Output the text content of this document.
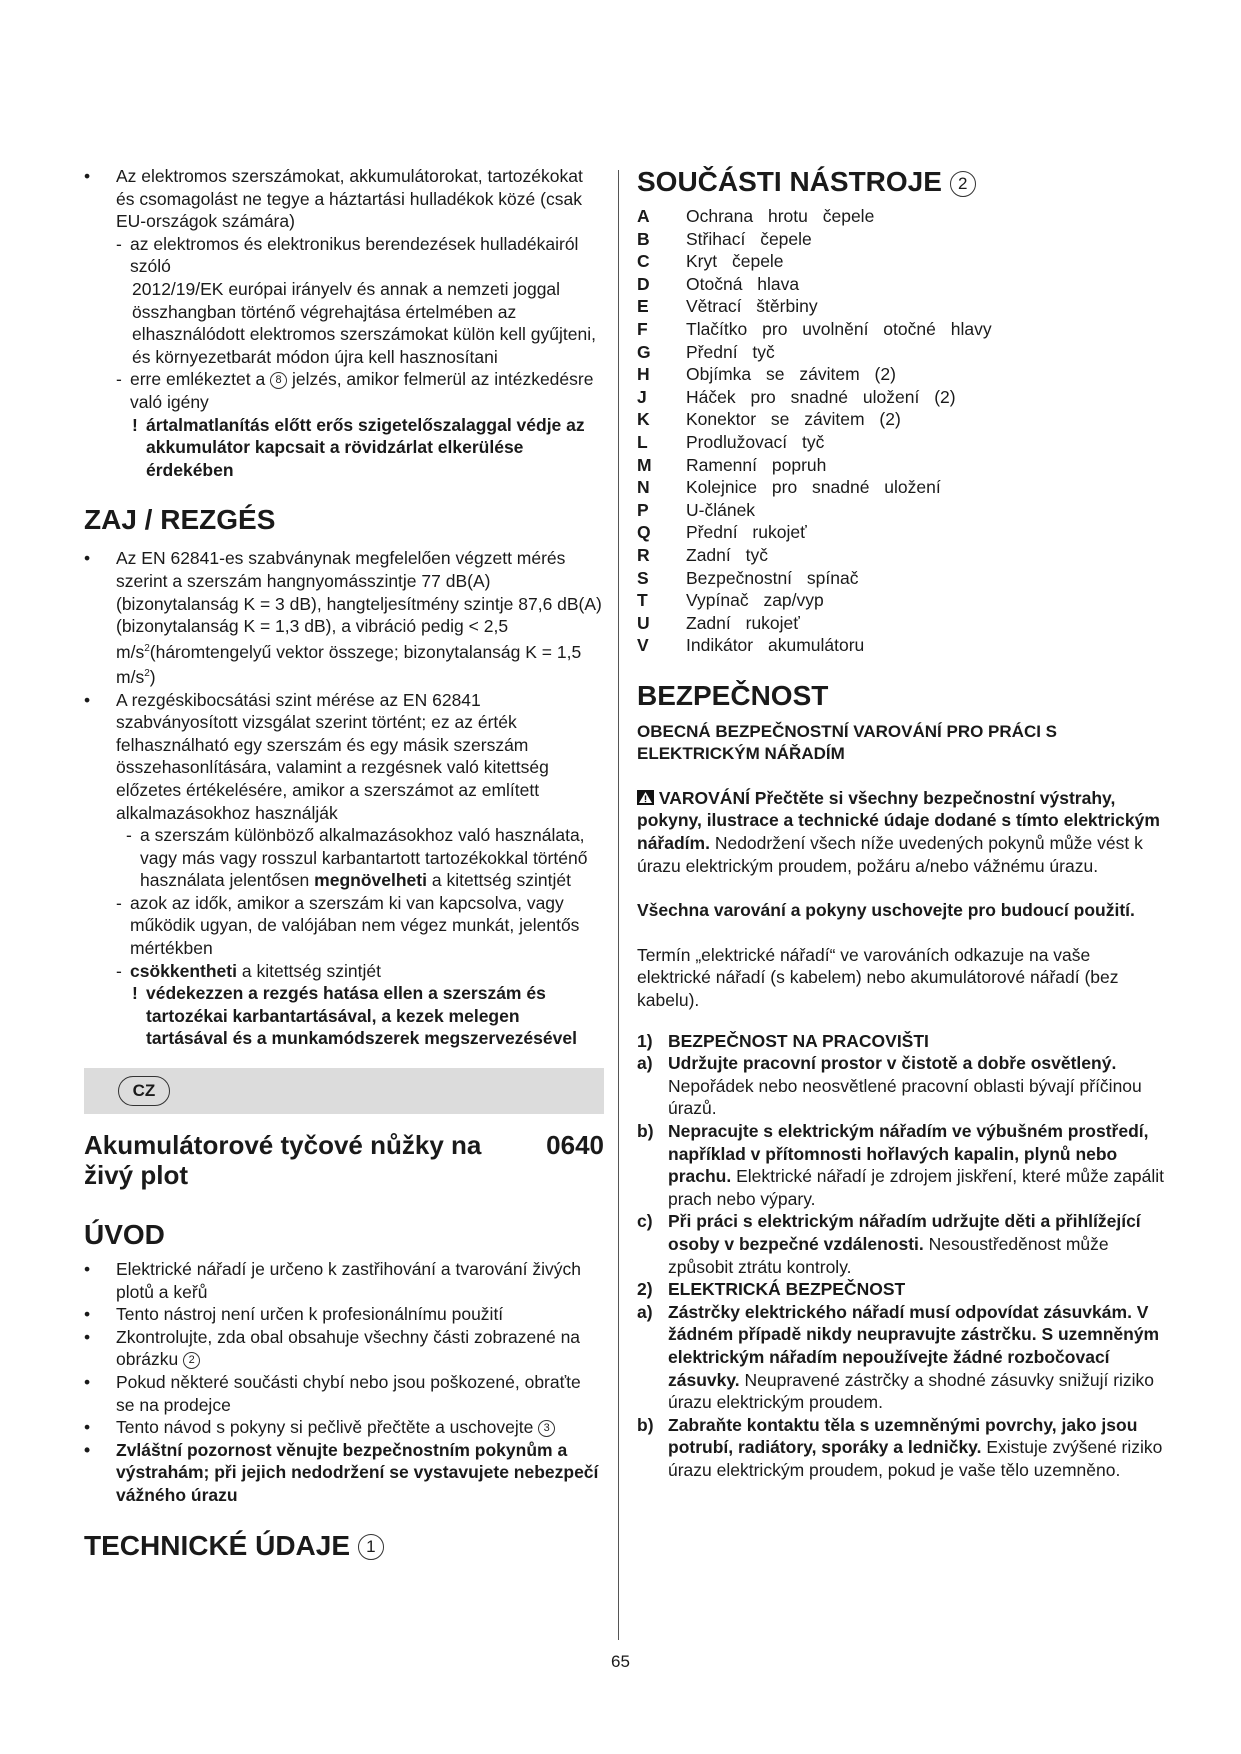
• Az elektromos szerszámokat, akkumulátorokat, tartozékokat és csomagolást ne tegye a háztartási hulladékok közé (csak EU-országok számára)
- az elektromos és elektronikus berendezések hulladékairól szóló
2012/19/EK európai irányelv és annak a nemzeti joggal összhangban történő végrehajtása értelmében az elhasználódott elektromos szerszámokat külön kell gyűjteni, és környezetbarát módon újra kell hasznosítani
- erre emlékeztet a 8 jelzés, amikor felmerül az intézkedésre való igény
! ártalmatlanítás előtt erős szigetelőszalaggal védje az akkumulátor kapcsait a rövidzárlat elkerülése érdekében
ZAJ / REZGÉS
• Az EN 62841-es szabványnak megfelelően végzett mérés szerint a szerszám hangnyomásszintje 77 dB(A) (bizonytalanság K = 3 dB), hangteljesítmény szintje 87,6 dB(A) (bizonytalanság K = 1,3 dB), a vibráció pedig < 2,5 $m/s^2(háromtengelyű$ vektor összege; bizonytalanság K = 1,5 $m/s^2$)
• A rezgéskibocsátási szint mérése az EN 62841 szabványosított vizsgálat szerint történt; ez az érték felhasználható egy szerszám és egy másik szerszám összehasonlítására, valamint a rezgésnek való kitettség előzetes értékelésére, amikor a szerszámot az említett alkalmazásokhoz használják
- a szerszám különböző alkalmazásokhoz való használata, vagy más vagy rosszul karbantartott tartozékokkal történő használata jelentősen megnövelheti a kitettség szintjét
- azok az idők, amikor a szerszám ki van kapcsolva, vagy működik ugyan, de valójában nem végez munkát, jelentős mértékben
- csökkentheti a kitettség szintjét
! védekezzen a rezgés hatása ellen a szerszám és tartozékai karbantartásával, a kezek melegen tartásával és a munkamódszerek megszervezésével
CZ
Akumulátorové tyčové nůžky na živý plot
0640
ÚVOD
• Elektrické nářadí je určeno k zastřihování a tvarování živých plotů a keřů
• Tento nástroj není určen k profesionálnímu použití
• Zkontrolujte, zda obal obsahuje všechny části zobrazené na obrázku 2
• Pokud některé součásti chybí nebo jsou poškozené, obraťte se na prodejce
• Tento návod s pokyny si pečlivě přečtěte a uschovejte 3
• Zvláštní pozornost věnujte bezpečnostním pokynům a výstrahám; při jejich nedodržení se vystavujete nebezpečí vážného úrazu
TECHNICKÉ ÚDAJE 1
SOUČÁSTI NÁSTROJE 2
A	Ochrana hrotu čepele
B	Střihací čepele
C	Kryt čepele
D	Otočná hlava
E	Větrací štěrbiny
F	Tlačítko pro uvolnění otočné hlavy
G	Přední tyč
H	Objímka se závitem (2)
J	Háček pro snadné uložení (2)
K	Konektor se závitem (2)
L	Prodlužovací tyč
M	Ramenní popruh
N	Kolejnice pro snadné uložení
P	U-článek
Q	Přední rukojeť
R	Zadní tyč
S	Bezpečnostní spínač
T	Vypínač zap/vyp
U	Zadní rukojeť
V	Indikátor akumulátoru
BEZPEČNOST
OBECNÁ BEZPEČNOSTNÍ VAROVÁNÍ PRO PRÁCI S ELEKTRICKÝM NÁŘADÍM
VAROVÁNÍ Přečtěte si všechny bezpečnostní výstrahy, pokyny, ilustrace a technické údaje dodané s tímto elektrickým nářadím. Nedodržení všech níže uvedených pokynů může vést k úrazu elektrickým proudem, požáru a/nebo vážnému úrazu.
Všechna varování a pokyny uschovejte pro budoucí použití.
Termín „elektrické nářadí“ ve varováních odkazuje na vaše elektrické nářadí (s kabelem) nebo akumulátorové nářadí (bez kabelu).
1) BEZPEČNOST NA PRACOVIŠTI
a) Udržujte pracovní prostor v čistotě a dobře osvětlený. Nepořádek nebo neosvětlené pracovní oblasti bývají příčinou úrazů.
b) Nepracujte s elektrickým nářadím ve výbušném prostředí, například v přítomnosti hořlavých kapalin, plynů nebo prachu. Elektrické nářadí je zdrojem jiskření, které může zapálit prach nebo výpary.
c) Při práci s elektrickým nářadím udržujte děti a přihlížející osoby v bezpečné vzdálenosti. Nesoustředěnost může způsobit ztrátu kontroly.
2) ELEKTRICKÁ BEZPEČNOST
a) Zástrčky elektrického nářadí musí odpovídat zásuvkám. V žádném případě nikdy neupravujte zástrčku. S uzemněným elektrickým nářadím nepoužívejte žádné rozbočovací zásuvky. Neupravené zástrčky a shodné zásuvky snižují riziko úrazu elektrickým proudem.
b) Zabraňte kontaktu těla s uzemněnými povrchy, jako jsou potrubí, radiátory, sporáky a ledničky. Existuje zvýšené riziko úrazu elektrickým proudem, pokud je vaše tělo uzemněno.
65
